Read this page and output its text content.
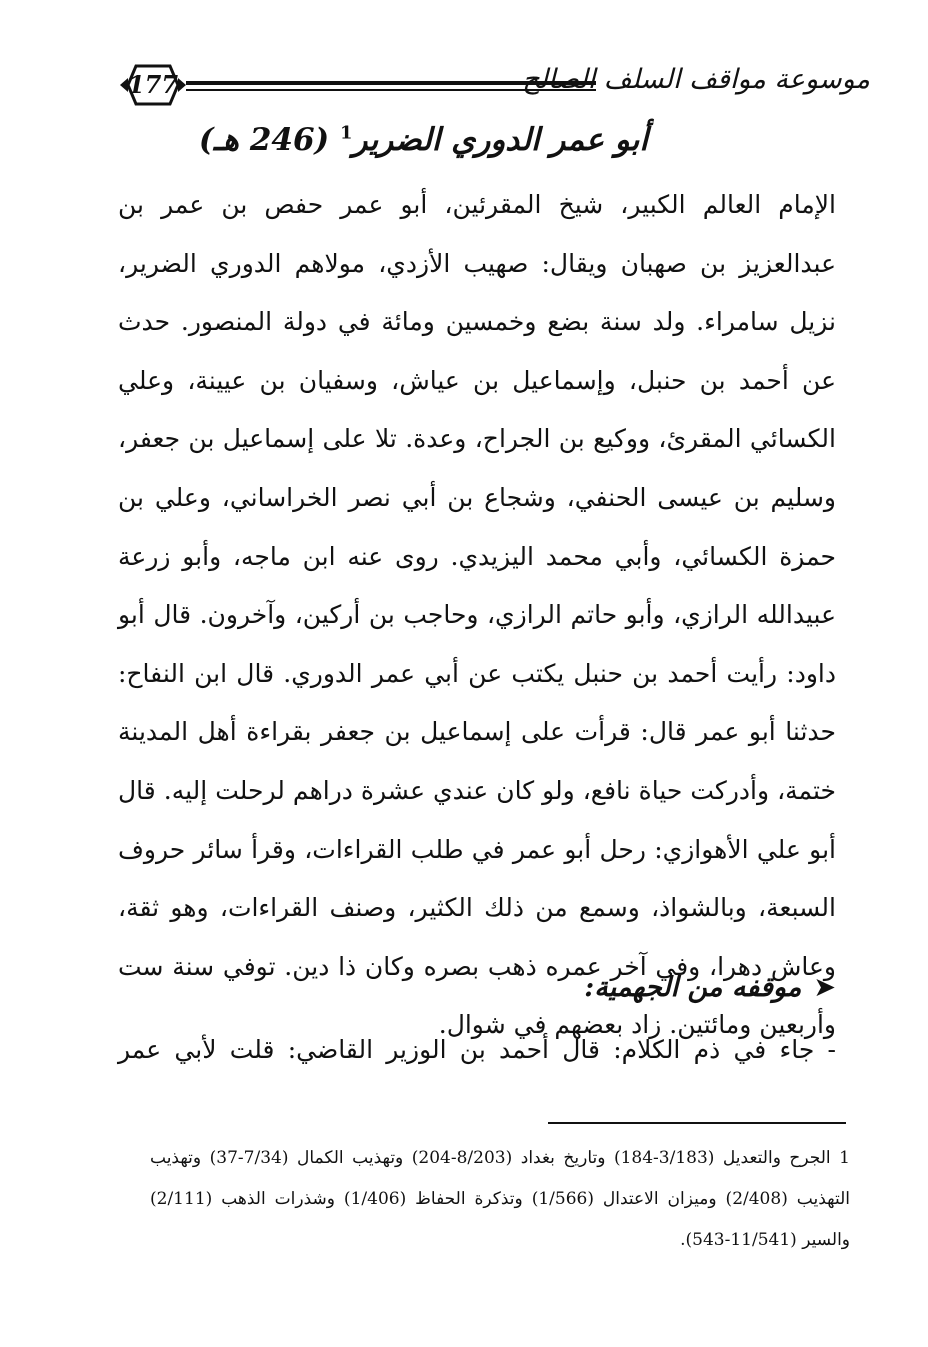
177	موسوعة مواقف السلف الصالح
أبو عمر الدوري الضرير$^1$ (246 هـ)

الإمام العالم الكبير، شيخ المقرئين، أبو عمر حفص بن عمر بن عبدالعزيز بن صهبان ويقال: صهيب الأزدي، مولاهم الدوري الضرير، نزيل سامراء. ولد سنة بضع وخمسين ومائة في دولة المنصور. حدث عن أحمد بن حنبل، وإسماعيل بن عياش، وسفيان بن عيينة، وعلي الكسائي المقرئ، ووكيع بن الجراح، وعدة. تلا على إسماعيل بن جعفر، وسليم بن عيسى الحنفي، وشجاع بن أبي نصر الخراساني، وعلي بن حمزة الكسائي، وأبي محمد اليزيدي. روى عنه ابن ماجه، وأبو زرعة عبيدالله الرازي، وأبو حاتم الرازي، وحاجب بن أركين، وآخرون. قال أبو داود: رأيت أحمد بن حنبل يكتب عن أبي عمر الدوري. قال ابن النفاح: حدثنا أبو عمر قال: قرأت على إسماعيل بن جعفر بقراءة أهل المدينة ختمة، وأدركت حياة نافع، ولو كان عندي عشرة دراهم لرحلت إليه. قال أبو علي الأهوازي: رحل أبو عمر في طلب القراءات، وقرأ سائر حروف السبعة، وبالشواذ، وسمع من ذلك الكثير، وصنف القراءات، وهو ثقة، وعاش دهرا، وفي آخر عمره ذهب بصره وكان ذا دين. توفي سنة ست وأربعين ومائتين. زاد بعضهم في شوال.

➤موقفه من الجهمية:
- جاء في ذم الكلام: قال أحمد بن الوزير القاضي: قلت لأبي عمر

1 الجرح والتعديل (3/183-184) وتاريخ بغداد (8/203-204) وتهذيب الكمال (7/34-37) وتهذيب التهذيب (2/408) وميزان الاعتدال (1/566) وتذكرة الحفاظ (1/406) وشذرات الذهب (2/111) والسير (11/541-543).
